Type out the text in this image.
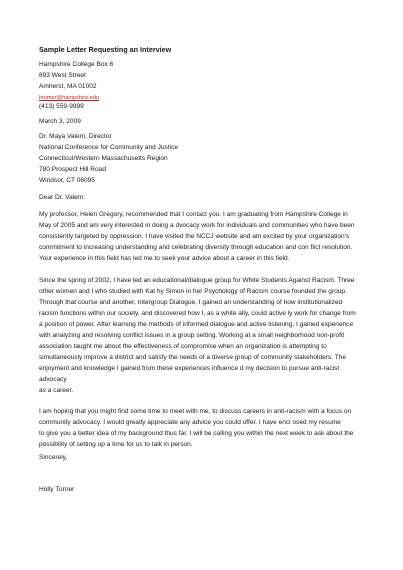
Sample Letter Requesting an Interview
Hampshire College Box 6
893 West Street
Amherst, MA 01002
htumer@hampshire.edu
(413) 559-9999
March 3, 2009
Dr. Maya Valem, Director
National Conference for Community and Justice
Connecticut/Western Massachusetts Region
780 Prospect Hill Road
Windsor, CT 06095
Dear Dr. Valem:
My professor, Helen Gregory, recommended that I contact you. I am graduating from Hampshire College in
May of 2005 and am very interested in doing a dvocacy work for individuals and communities who have been
consistently targeted by oppression. I have visited the NCCJ website and am excited by your organization's
commitment to increasing understanding and celebrating diversity through education and con flict resolution.
Your experience in this field has led me to seek your advice about a career in this field.
Since the spring of 2002, I have led an educational/dialogue group for White Students Against Racism. Three
other women and I who studied with Kat hy Simon in her Psychology of Racism course founded the group.
Through that course and another, Intergroup Dialogue, I gained an understanding of how institutionalized
racism functions within our society, and discovered how I, as a white ally, could active ly work for change from
a position of power. After learning the methods of informed dialogue and active listening, I gained experience
with analyzing and resolving conflict issues in a group setting. Working at a small neighborhood non-profit
association taught me about the effectiveness of compromise when an organization is attempting to
simultaneously improve a district and satisfy the needs of a diverse group of community stakeholders. The
enjoyment and knowledge I gained from these experiences influence d my decision to pursue anti-racist
advocacy
as a career.
I am hoping that you might find some time to meet with me, to discuss careers in anti-racism with a focus on
community advocacy. I would greatly appreciate any advice you could offer. I have encl osed my resume
to give you a better idea of my background thus far. I will be calling you within the next week to ask about the
possibility of setting up a time for us to talk in person.
Sincerely,
Holly Turner
